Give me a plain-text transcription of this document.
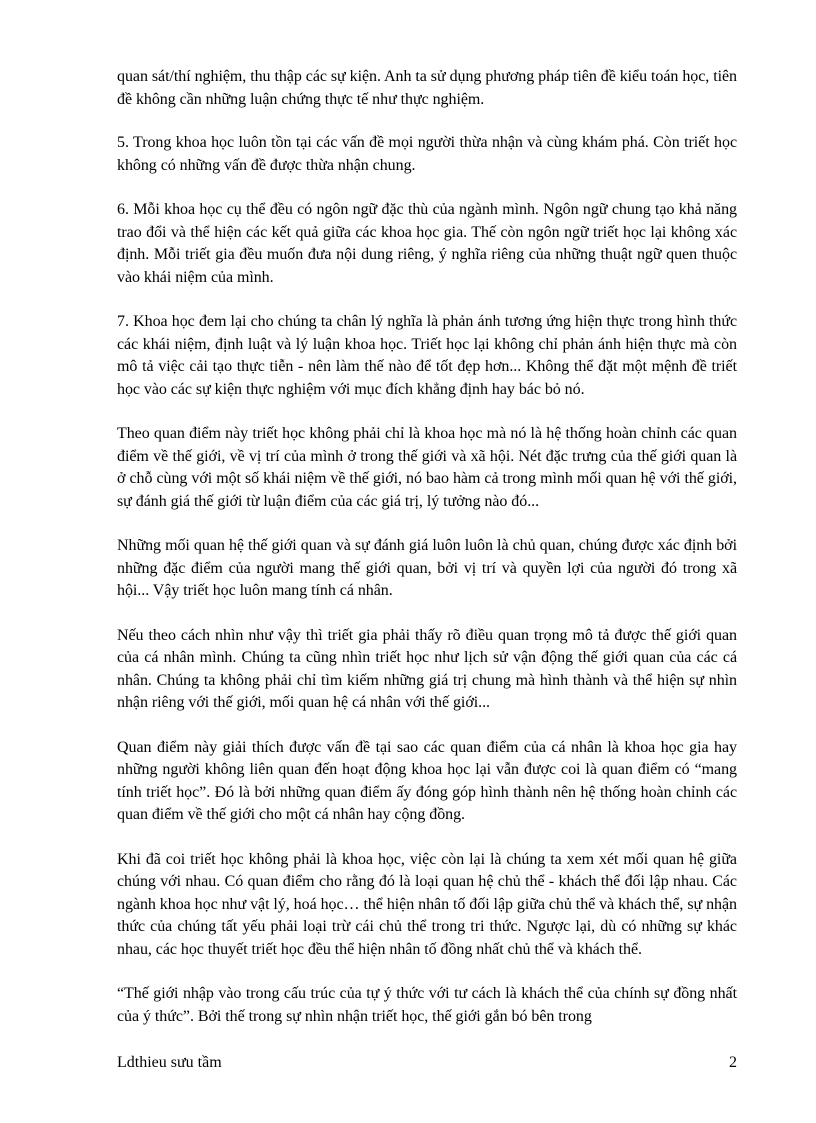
quan sát/thí nghiệm, thu thập các sự kiện. Anh ta sử dụng phương pháp tiên đề kiểu toán học, tiên đề không cần những luận chứng thực tế như thực nghiệm.

5. Trong khoa học luôn tồn tại các vấn đề mọi người thừa nhận và cùng khám phá. Còn triết học không có những vấn đề được thừa nhận chung.

6. Mỗi khoa học cụ thể đều có ngôn ngữ đặc thù của ngành mình. Ngôn ngữ chung tạo khả năng trao đổi và thể hiện các kết quả giữa các khoa học gia. Thế còn ngôn ngữ triết học lại không xác định. Mỗi triết gia đều muốn đưa nội dung riêng, ý nghĩa riêng của những thuật ngữ quen thuộc vào khái niệm của mình.

7. Khoa học đem lại cho chúng ta chân lý nghĩa là phản ánh tương ứng hiện thực trong hình thức các khái niệm, định luật và lý luận khoa học. Triết học lại không chỉ phản ánh hiện thực mà còn mô tả việc cải tạo thực tiễn - nên làm thế nào để tốt đẹp hơn... Không thể đặt một mệnh đề triết học vào các sự kiện thực nghiệm với mục đích khẳng định hay bác bỏ nó.

Theo quan điểm này triết học không phải chỉ là khoa học mà nó là hệ thống hoàn chỉnh các quan điểm về thế giới, về vị trí của mình ở trong thế giới và xã hội. Nét đặc trưng của thế giới quan là ở chỗ cùng với một số khái niệm về thế giới, nó bao hàm cả trong mình mối quan hệ với thế giới, sự đánh giá thế giới từ luận điểm của các giá trị, lý tưởng nào đó...

Những mối quan hệ thế giới quan và sự đánh giá luôn luôn là chủ quan, chúng được xác định bởi những đặc điểm của người mang thế giới quan, bởi vị trí và quyền lợi của người đó trong xã hội... Vậy triết học luôn mang tính cá nhân.

Nếu theo cách nhìn như vậy thì triết gia phải thấy rõ điều quan trọng mô tả được thế giới quan của cá nhân mình. Chúng ta cũng nhìn triết học như lịch sử vận động thế giới quan của các cá nhân. Chúng ta không phải chỉ tìm kiếm những giá trị chung mà hình thành và thể hiện sự nhìn nhận riêng với thế giới, mối quan hệ cá nhân với thế giới...

Quan điểm này giải thích được vấn đề tại sao các quan điểm của cá nhân là khoa học gia hay những người không liên quan đến hoạt động khoa học lại vẫn được coi là quan điểm có “mang tính triết học”. Đó là bởi những quan điểm ấy đóng góp hình thành nên hệ thống hoàn chỉnh các quan điểm về thế giới cho một cá nhân hay cộng đồng.

Khi đã coi triết học không phải là khoa học, việc còn lại là chúng ta xem xét mối quan hệ giữa chúng với nhau. Có quan điểm cho rằng đó là loại quan hệ chủ thể - khách thể đối lập nhau. Các ngành khoa học như vật lý, hoá học… thể hiện nhân tố đối lập giữa chủ thể và khách thể, sự nhận thức của chúng tất yếu phải loại trừ cái chủ thể trong tri thức. Ngược lại, dù có những sự khác nhau, các học thuyết triết học đều thể hiện nhân tố đồng nhất chủ thể và khách thể.

“Thế giới nhập vào trong cấu trúc của tự ý thức với tư cách là khách thể của chính sự đồng nhất của ý thức”. Bởi thế trong sự nhìn nhận triết học, thế giới gắn bó bên trong

Ldthieu sưu tầm	2
